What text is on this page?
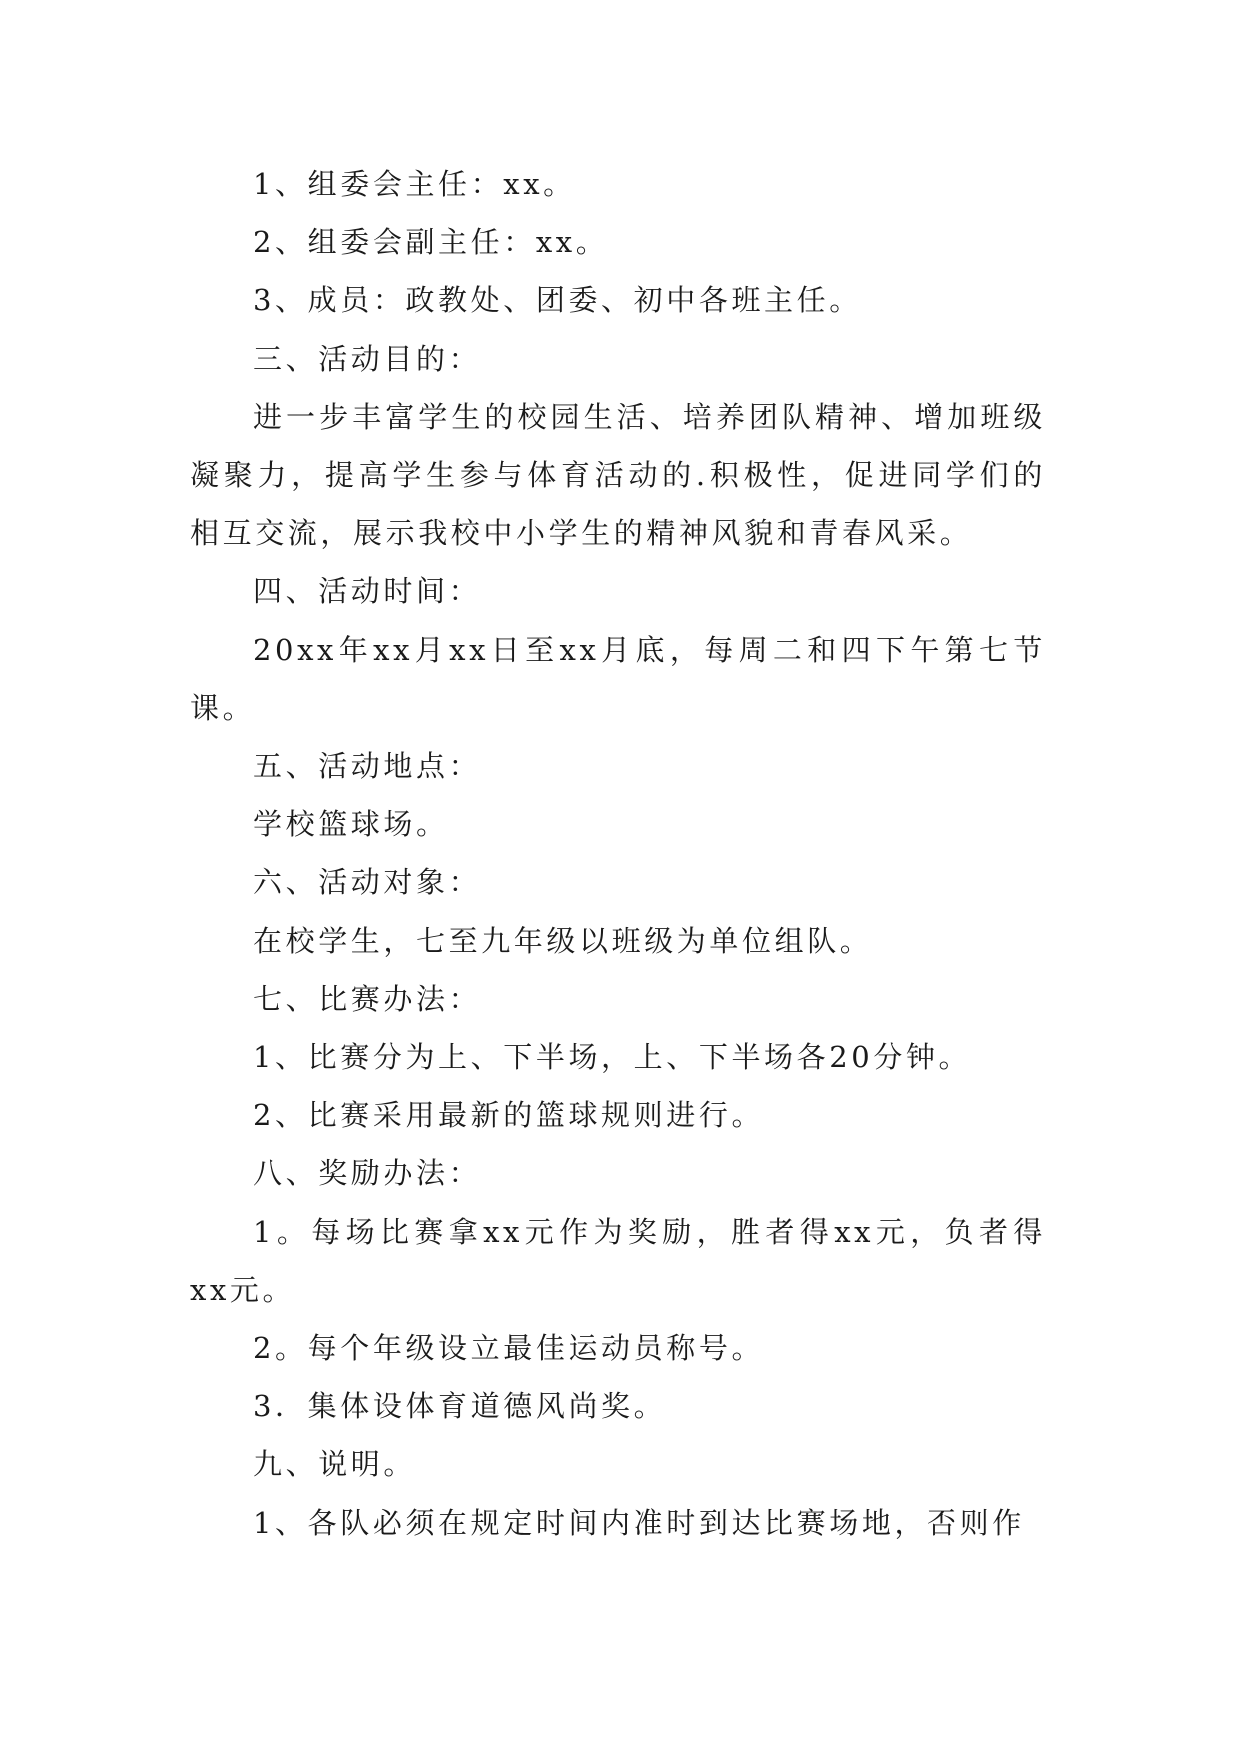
1、组委会主任：xx。

2、组委会副主任：xx。

3、成员：政教处、团委、初中各班主任。

三、活动目的：

进一步丰富学生的校园生活、培养团队精神、增加班级凝聚力，提高学生参与体育活动的.积极性，促进同学们的相互交流，展示我校中小学生的精神风貌和青春风采。

四、活动时间：

20xx年xx月xx日至xx月底，每周二和四下午第七节课。

五、活动地点：

学校篮球场。

六、活动对象：

在校学生，七至九年级以班级为单位组队。

七、比赛办法：

1、比赛分为上、下半场，上、下半场各20分钟。

2、比赛采用最新的篮球规则进行。

八、奖励办法：

1。每场比赛拿xx元作为奖励，胜者得xx元，负者得xx元。

2。每个年级设立最佳运动员称号。

3．集体设体育道德风尚奖。

九、说明。

1、各队必须在规定时间内准时到达比赛场地，否则作
